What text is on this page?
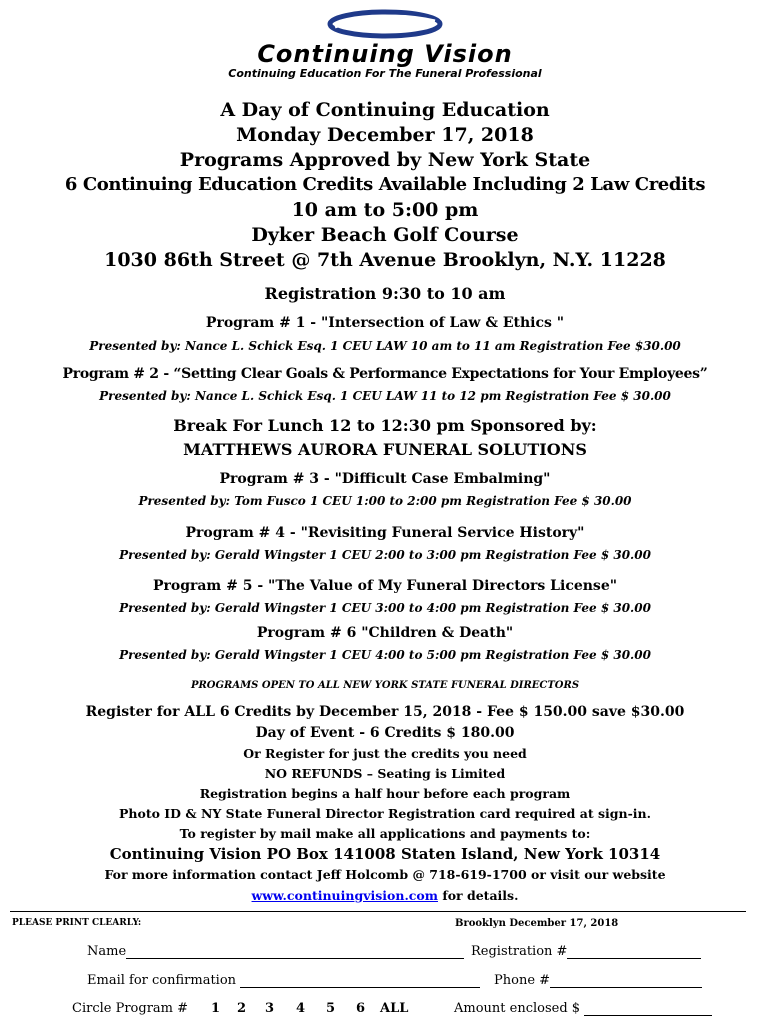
Continuing Vision
Continuing Education For The Funeral Professional
A Day of Continuing Education
Monday December 17, 2018
Programs Approved by New York State
6 Continuing Education Credits Available Including 2 Law Credits
10 am to 5:00 pm
Dyker Beach Golf Course
1030 86th Street @ 7th Avenue Brooklyn, N.Y. 11228
Registration 9:30 to 10 am
Program # 1 - "Intersection of Law & Ethics "
Presented by: Nance L. Schick Esq. 1 CEU LAW 10 am to 11 am Registration Fee $30.00
Program # 2 - “Setting Clear Goals & Performance Expectations for Your Employees”
Presented by: Nance L. Schick Esq. 1 CEU LAW 11 to 12 pm Registration Fee $ 30.00
Break For Lunch 12 to 12:30 pm Sponsored by:
MATTHEWS AURORA FUNERAL SOLUTIONS
Program # 3 - "Difficult Case Embalming"
Presented by: Tom Fusco 1 CEU 1:00 to 2:00 pm Registration Fee $ 30.00
Program # 4 - "Revisiting Funeral Service History"
Presented by: Gerald Wingster 1 CEU 2:00 to 3:00 pm Registration Fee $ 30.00
Program # 5 - "The Value of My Funeral Directors License"
Presented by: Gerald Wingster 1 CEU 3:00 to 4:00 pm Registration Fee $ 30.00
Program # 6 "Children & Death"
Presented by: Gerald Wingster 1 CEU 4:00 to 5:00 pm Registration Fee $ 30.00
PROGRAMS OPEN TO ALL NEW YORK STATE FUNERAL DIRECTORS
Register for ALL 6 Credits by December 15, 2018 - Fee $ 150.00 save $30.00
Day of Event - 6 Credits $ 180.00
Or Register for just the credits you need
NO REFUNDS – Seating is Limited
Registration begins a half hour before each program
Photo ID & NY State Funeral Director Registration card required at sign-in.
To register by mail make all applications and payments to:
Continuing Vision PO Box 141008 Staten Island, New York 10314
For more information contact Jeff Holcomb @ 718-619-1700 or visit our website
www.continuingvision.com for details.
PLEASE PRINT CLEARLY:	Brooklyn December 17, 2018
Name	Registration #
Email for confirmation	Phone #
Circle Program # 1 2 3 4 5 6 ALL	Amount enclosed $
